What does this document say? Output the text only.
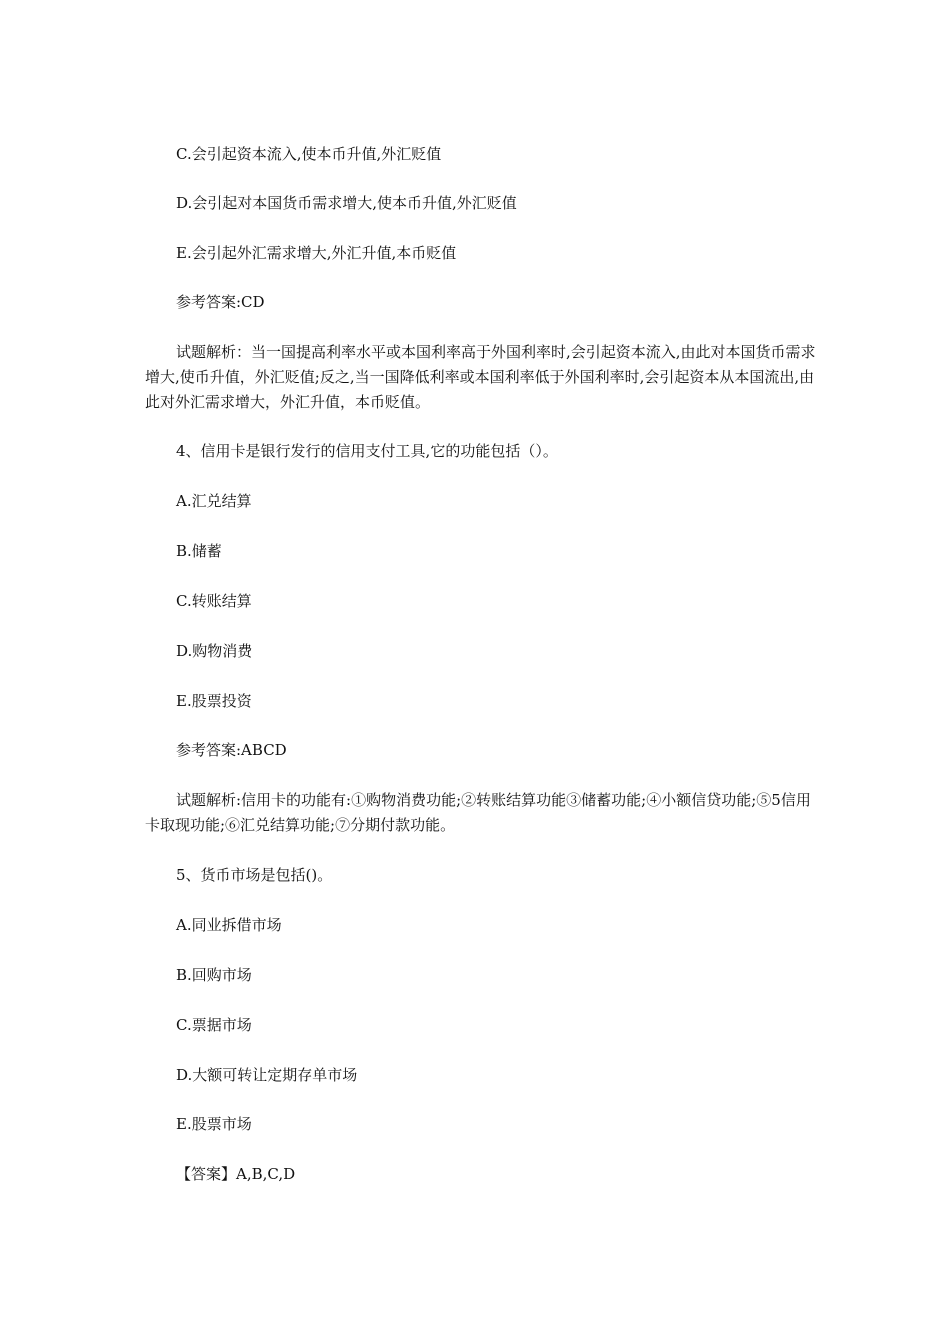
C.会引起资本流入,使本币升值,外汇贬值
D.会引起对本国货币需求增大,使本币升值,外汇贬值
E.会引起外汇需求增大,外汇升值,本币贬值
参考答案:CD
试题解析：当一国提高利率水平或本国利率高于外国利率时,会引起资本流入,由此对本国货币需求增大,使币升值，外汇贬值;反之,当一国降低利率或本国利率低于外国利率时,会引起资本从本国流出,由此对外汇需求增大，外汇升值，本币贬值。
4、信用卡是银行发行的信用支付工具,它的功能包括（）。
A.汇兑结算
B.储蓄
C.转账结算
D.购物消费
E.股票投资
参考答案:ABCD
试题解析:信用卡的功能有:①购物消费功能;②转账结算功能③储蓄功能;④小额信贷功能;⑤5信用卡取现功能;⑥汇兑结算功能;⑦分期付款功能。
5、货币市场是包括()。
A.同业拆借市场
B.回购市场
C.票据市场
D.大额可转让定期存单市场
E.股票市场
【答案】A,B,C,D
